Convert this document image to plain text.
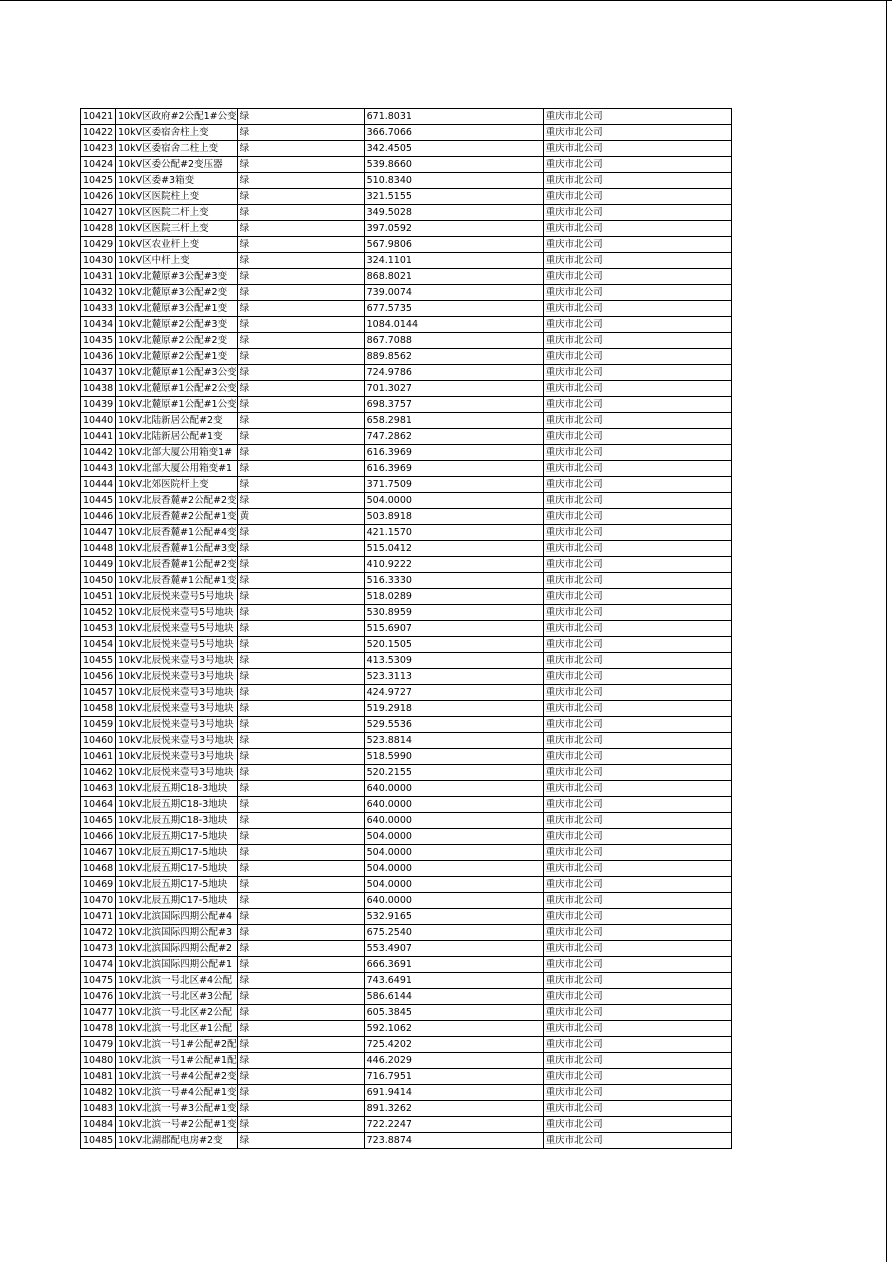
10421	10kV区政府#2公配1#公变	绿	671.8031	重庆市北公司
10422	10kV区委宿舍柱上变	绿	366.7066	重庆市北公司
10423	10kV区委宿舍二柱上变	绿	342.4505	重庆市北公司
10424	10kV区委公配#2变压器	绿	539.8660	重庆市北公司
10425	10kV区委#3箱变	绿	510.8340	重庆市北公司
10426	10kV区医院柱上变	绿	321.5155	重庆市北公司
10427	10kV区医院二杆上变	绿	349.5028	重庆市北公司
10428	10kV区医院三杆上变	绿	397.0592	重庆市北公司
10429	10kV区农业杆上变	绿	567.9806	重庆市北公司
10430	10kV区中杆上变	绿	324.1101	重庆市北公司
10431	10kV北麓原#3公配#3变	绿	868.8021	重庆市北公司
10432	10kV北麓原#3公配#2变	绿	739.0074	重庆市北公司
10433	10kV北麓原#3公配#1变	绿	677.5735	重庆市北公司
10434	10kV北麓原#2公配#3变	绿	1084.0144	重庆市北公司
10435	10kV北麓原#2公配#2变	绿	867.7088	重庆市北公司
10436	10kV北麓原#2公配#1变	绿	889.8562	重庆市北公司
10437	10kV北麓原#1公配#3公变	绿	724.9786	重庆市北公司
10438	10kV北麓原#1公配#2公变	绿	701.3027	重庆市北公司
10439	10kV北麓原#1公配#1公变	绿	698.3757	重庆市北公司
10440	10kV北陆新居公配#2变	绿	658.2981	重庆市北公司
10441	10kV北陆新居公配#1变	绿	747.2862	重庆市北公司
10442	10kV北部大厦公用箱变1#	绿	616.3969	重庆市北公司
10443	10kV北部大厦公用箱变#1	绿	616.3969	重庆市北公司
10444	10kV北郊医院杆上变	绿	371.7509	重庆市北公司
10445	10kV北辰香麓#2公配#2变	绿	504.0000	重庆市北公司
10446	10kV北辰香麓#2公配#1变	黄	503.8918	重庆市北公司
10447	10kV北辰香麓#1公配#4变	绿	421.1570	重庆市北公司
10448	10kV北辰香麓#1公配#3变	绿	515.0412	重庆市北公司
10449	10kV北辰香麓#1公配#2变	绿	410.9222	重庆市北公司
10450	10kV北辰香麓#1公配#1变	绿	516.3330	重庆市北公司
10451	10kV北辰悦来壹号5号地块	绿	518.0289	重庆市北公司
10452	10kV北辰悦来壹号5号地块	绿	530.8959	重庆市北公司
10453	10kV北辰悦来壹号5号地块	绿	515.6907	重庆市北公司
10454	10kV北辰悦来壹号5号地块	绿	520.1505	重庆市北公司
10455	10kV北辰悦来壹号3号地块	绿	413.5309	重庆市北公司
10456	10kV北辰悦来壹号3号地块	绿	523.3113	重庆市北公司
10457	10kV北辰悦来壹号3号地块	绿	424.9727	重庆市北公司
10458	10kV北辰悦来壹号3号地块	绿	519.2918	重庆市北公司
10459	10kV北辰悦来壹号3号地块	绿	529.5536	重庆市北公司
10460	10kV北辰悦来壹号3号地块	绿	523.8814	重庆市北公司
10461	10kV北辰悦来壹号3号地块	绿	518.5990	重庆市北公司
10462	10kV北辰悦来壹号3号地块	绿	520.2155	重庆市北公司
10463	10kV北辰五期C18-3地块	绿	640.0000	重庆市北公司
10464	10kV北辰五期C18-3地块	绿	640.0000	重庆市北公司
10465	10kV北辰五期C18-3地块	绿	640.0000	重庆市北公司
10466	10kV北辰五期C17-5地块	绿	504.0000	重庆市北公司
10467	10kV北辰五期C17-5地块	绿	504.0000	重庆市北公司
10468	10kV北辰五期C17-5地块	绿	504.0000	重庆市北公司
10469	10kV北辰五期C17-5地块	绿	504.0000	重庆市北公司
10470	10kV北辰五期C17-5地块	绿	640.0000	重庆市北公司
10471	10kV北滨国际四期公配#4	绿	532.9165	重庆市北公司
10472	10kV北滨国际四期公配#3	绿	675.2540	重庆市北公司
10473	10kV北滨国际四期公配#2	绿	553.4907	重庆市北公司
10474	10kV北滨国际四期公配#1	绿	666.3691	重庆市北公司
10475	10kV北滨一号北区#4公配	绿	743.6491	重庆市北公司
10476	10kV北滨一号北区#3公配	绿	586.6144	重庆市北公司
10477	10kV北滨一号北区#2公配	绿	605.3845	重庆市北公司
10478	10kV北滨一号北区#1公配	绿	592.1062	重庆市北公司
10479	10kV北滨一号1#公配#2配	绿	725.4202	重庆市北公司
10480	10kV北滨一号1#公配#1配	绿	446.2029	重庆市北公司
10481	10kV北滨一号#4公配#2变	绿	716.7951	重庆市北公司
10482	10kV北滨一号#4公配#1变	绿	691.9414	重庆市北公司
10483	10kV北滨一号#3公配#1变	绿	891.3262	重庆市北公司
10484	10kV北滨一号#2公配#1变	绿	722.2247	重庆市北公司
10485	10kV北湖郡配电房#2变	绿	723.8874	重庆市北公司
